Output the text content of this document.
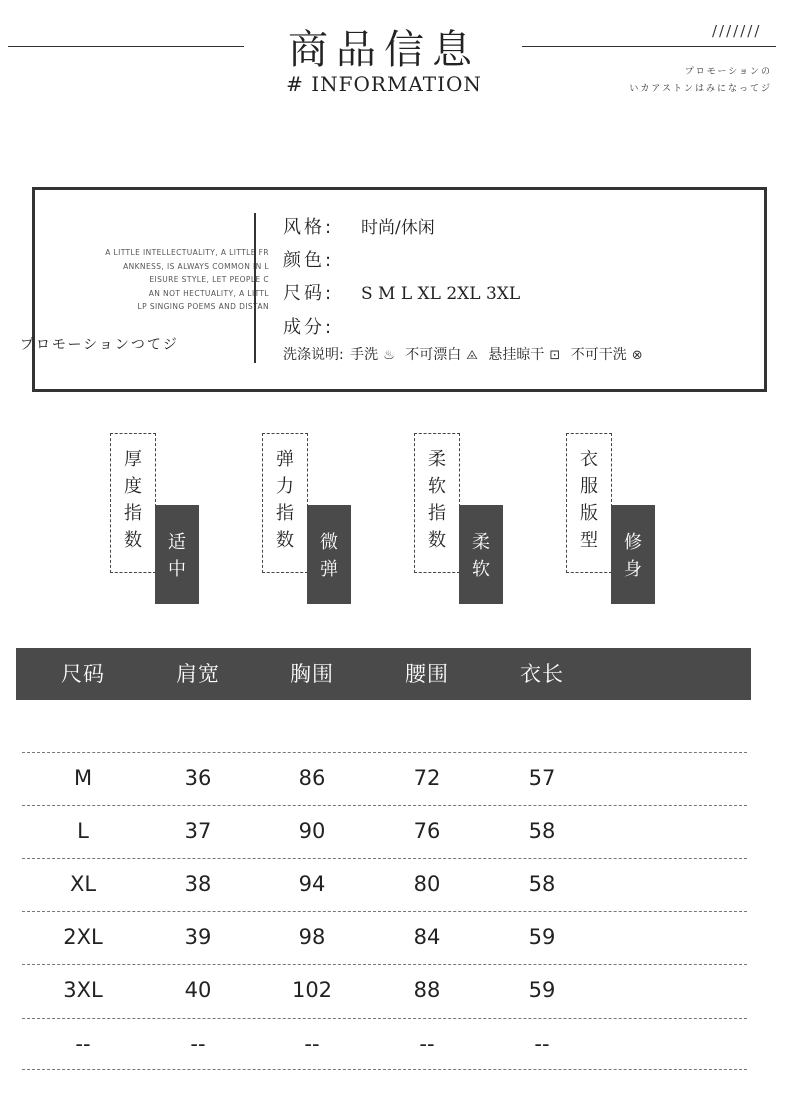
商品信息
# INFORMATION
///////
プロモーションの
いカアストンはみになってジ
A LITTLE INTELLECTUALITY, A LITTLE FR
ANKNESS, IS ALWAYS COMMON IN L
EISURE STYLE, LET PEOPLE C
AN NOT HECTUALITY, A LITTL
LP SINGING POEMS AND DISTAN
プロモーションつてジ
风格: 时尚/休闲
颜色:
尺码: S M L XL 2XL 3XL
成分:
洗涤说明: 手洗 ♨ 不可漂白 ⨻ 悬挂晾干 ⊡ 不可干洗 ⊗
厚
度
指
数	适
中
弹
力
指
数	微
弹
柔
软
指
数	柔
软
衣
服
版
型	修
身
尺码	肩宽	胸围	腰围	衣长
M	36	86	72	57
L	37	90	76	58
XL	38	94	80	58
2XL	39	98	84	59
3XL	40	102	88	59
--	--	--	--	--
